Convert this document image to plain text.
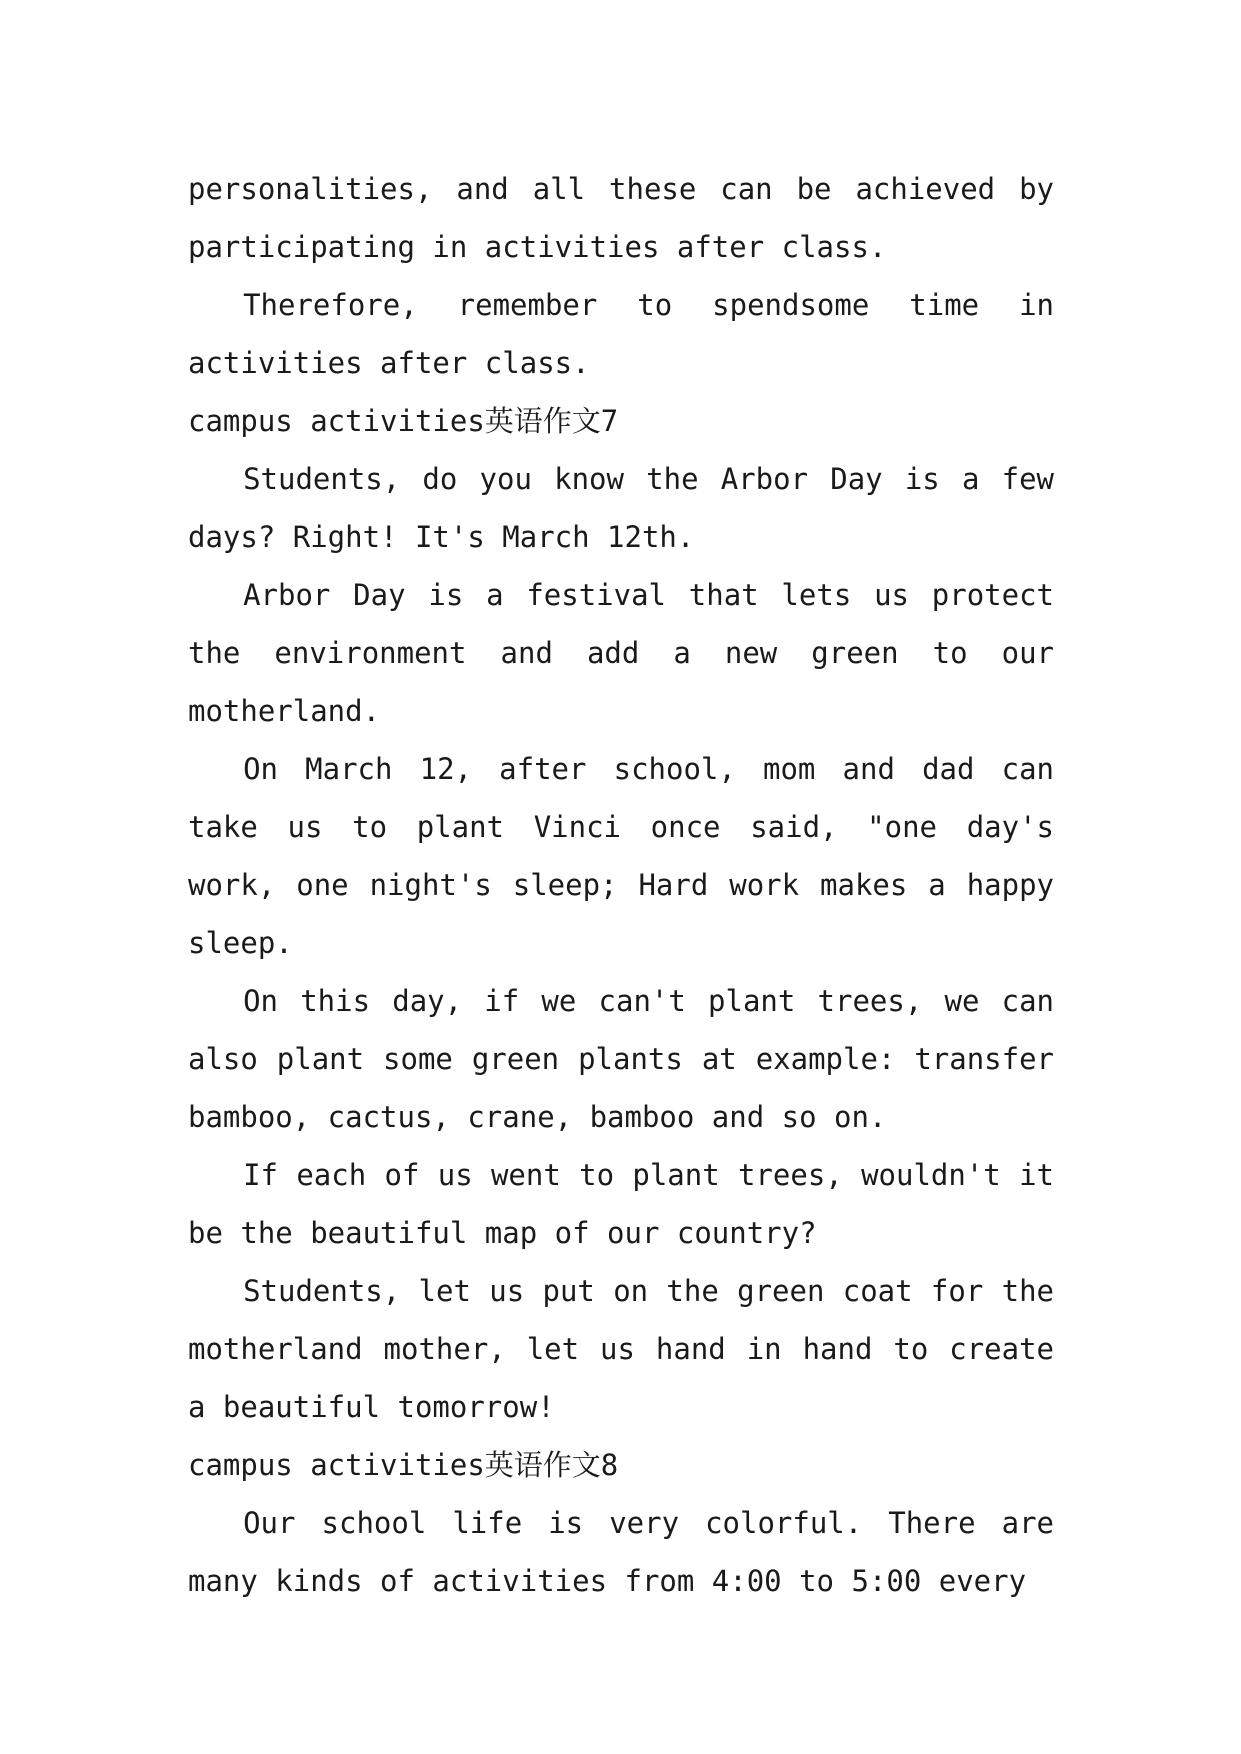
personalities, and all these can be achieved by participating in activities after class.

Therefore, remember to spendsome time in activities after class.

campus activities英语作文7

Students, do you know the Arbor Day is a few days? Right! It's March 12th.

Arbor Day is a festival that lets us protect the environment and add a new green to our motherland.

On March 12, after school, mom and dad can take us to plant Vinci once said, "one day's work, one night's sleep; Hard work makes a happy sleep.

On this day, if we can't plant trees, we can also plant some green plants at example: transfer bamboo, cactus, crane, bamboo and so on.

If each of us went to plant trees, wouldn't it be the beautiful map of our country?

Students, let us put on the green coat for the motherland mother, let us hand in hand to create a beautiful tomorrow!

campus activities英语作文8

Our school life is very colorful. There are many kinds of activities from 4:00 to 5:00 every
